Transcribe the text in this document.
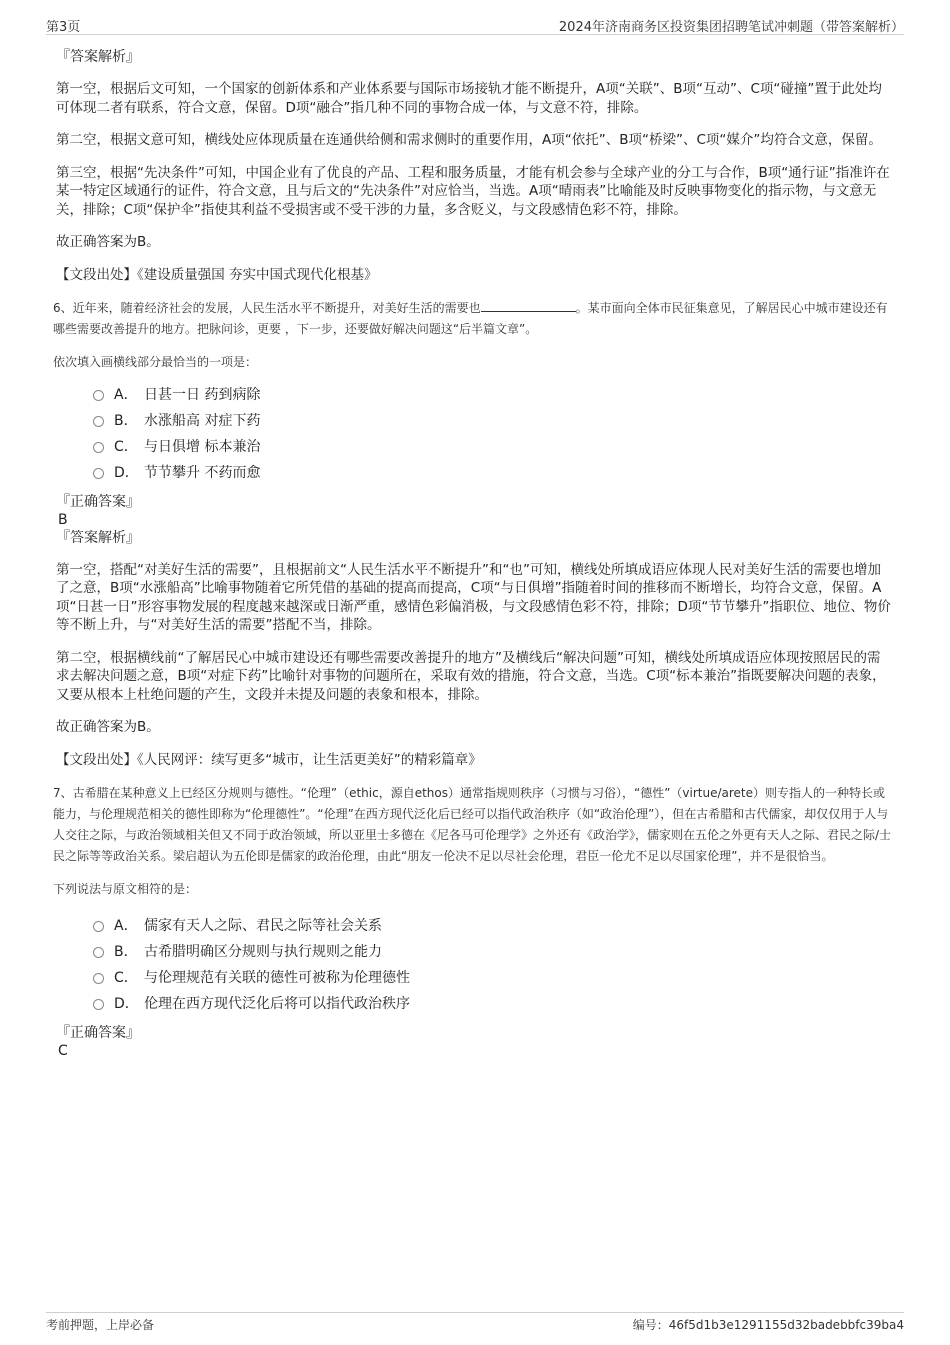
第3页	2024年济南商务区投资集团招聘笔试冲刺题（带答案解析）

『答案解析』

第一空，根据后文可知，一个国家的创新体系和产业体系要与国际市场接轨才能不断提升，A项“关联”、B项“互动”、C项“碰撞”置于此处均可体现二者有联系，符合文意，保留。D项“融合”指几种不同的事物合成一体，与文意不符，排除。

第二空，根据文意可知，横线处应体现质量在连通供给侧和需求侧时的重要作用，A项“依托”、B项“桥梁”、C项“媒介”均符合文意，保留。

第三空，根据“先决条件”可知，中国企业有了优良的产品、工程和服务质量，才能有机会参与全球产业的分工与合作，B项“通行证”指准许在某一特定区域通行的证件，符合文意，且与后文的“先决条件”对应恰当，当选。A项“晴雨表”比喻能及时反映事物变化的指示物，与文意无关，排除；C项“保护伞”指使其利益不受损害或不受干涉的力量，多含贬义，与文段感情色彩不符，排除。

故正确答案为B。

【文段出处】《建设质量强国 夯实中国式现代化根基》

6、近年来，随着经济社会的发展，人民生活水平不断提升，对美好生活的需要也	。某市面向全体市民征集意见，了解居民心中城市建设还有哪些需要改善提升的地方。把脉问诊，更要 ，下一步，还要做好解决问题这“后半篇文章”。

依次填入画横线部分最恰当的一项是：

A． 日甚一日 药到病除
B． 水涨船高 对症下药
C． 与日俱增 标本兼治
D． 节节攀升 不药而愈

『正确答案』

B

『答案解析』

第一空，搭配“对美好生活的需要”，且根据前文“人民生活水平不断提升”和“也”可知，横线处所填成语应体现人民对美好生活的需要也增加了之意，B项“水涨船高”比喻事物随着它所凭借的基础的提高而提高，C项“与日俱增”指随着时间的推移而不断增长，均符合文意，保留。A项“日甚一日”形容事物发展的程度越来越深或日渐严重，感情色彩偏消极，与文段感情色彩不符，排除；D项“节节攀升”指职位、地位、物价等不断上升，与“对美好生活的需要”搭配不当，排除。

第二空，根据横线前“了解居民心中城市建设还有哪些需要改善提升的地方”及横线后“解决问题”可知，横线处所填成语应体现按照居民的需求去解决问题之意，B项“对症下药”比喻针对事物的问题所在，采取有效的措施，符合文意，当选。C项“标本兼治”指既要解决问题的表象，又要从根本上杜绝问题的产生，文段并未提及问题的表象和根本，排除。

故正确答案为B。

【文段出处】《人民网评：续写更多“城市，让生活更美好”的精彩篇章》

7、古希腊在某种意义上已经区分规则与德性。“伦理”（ethic，源自ethos）通常指规则秩序（习惯与习俗），“德性”（virtue/arete）则专指人的一种特长或能力，与伦理规范相关的德性即称为“伦理德性”。“伦理”在西方现代泛化后已经可以指代政治秩序（如“政治伦理”），但在古希腊和古代儒家，却仅仅用于人与人交往之际，与政治领域相关但又不同于政治领域，所以亚里士多德在《尼各马可伦理学》之外还有《政治学》，儒家则在五伦之外更有天人之际、君民之际/士民之际等等政治关系。梁启超认为五伦即是儒家的政治伦理，由此“朋友一伦决不足以尽社会伦理，君臣一伦尤不足以尽国家伦理”，并不是很恰当。

下列说法与原文相符的是：

A． 儒家有天人之际、君民之际等社会关系
B． 古希腊明确区分规则与执行规则之能力
C． 与伦理规范有关联的德性可被称为伦理德性
D． 伦理在西方现代泛化后将可以指代政治秩序

『正确答案』

C

考前押题，上岸必备	编号：46f5d1b3e1291155d32badebbfc39ba4
